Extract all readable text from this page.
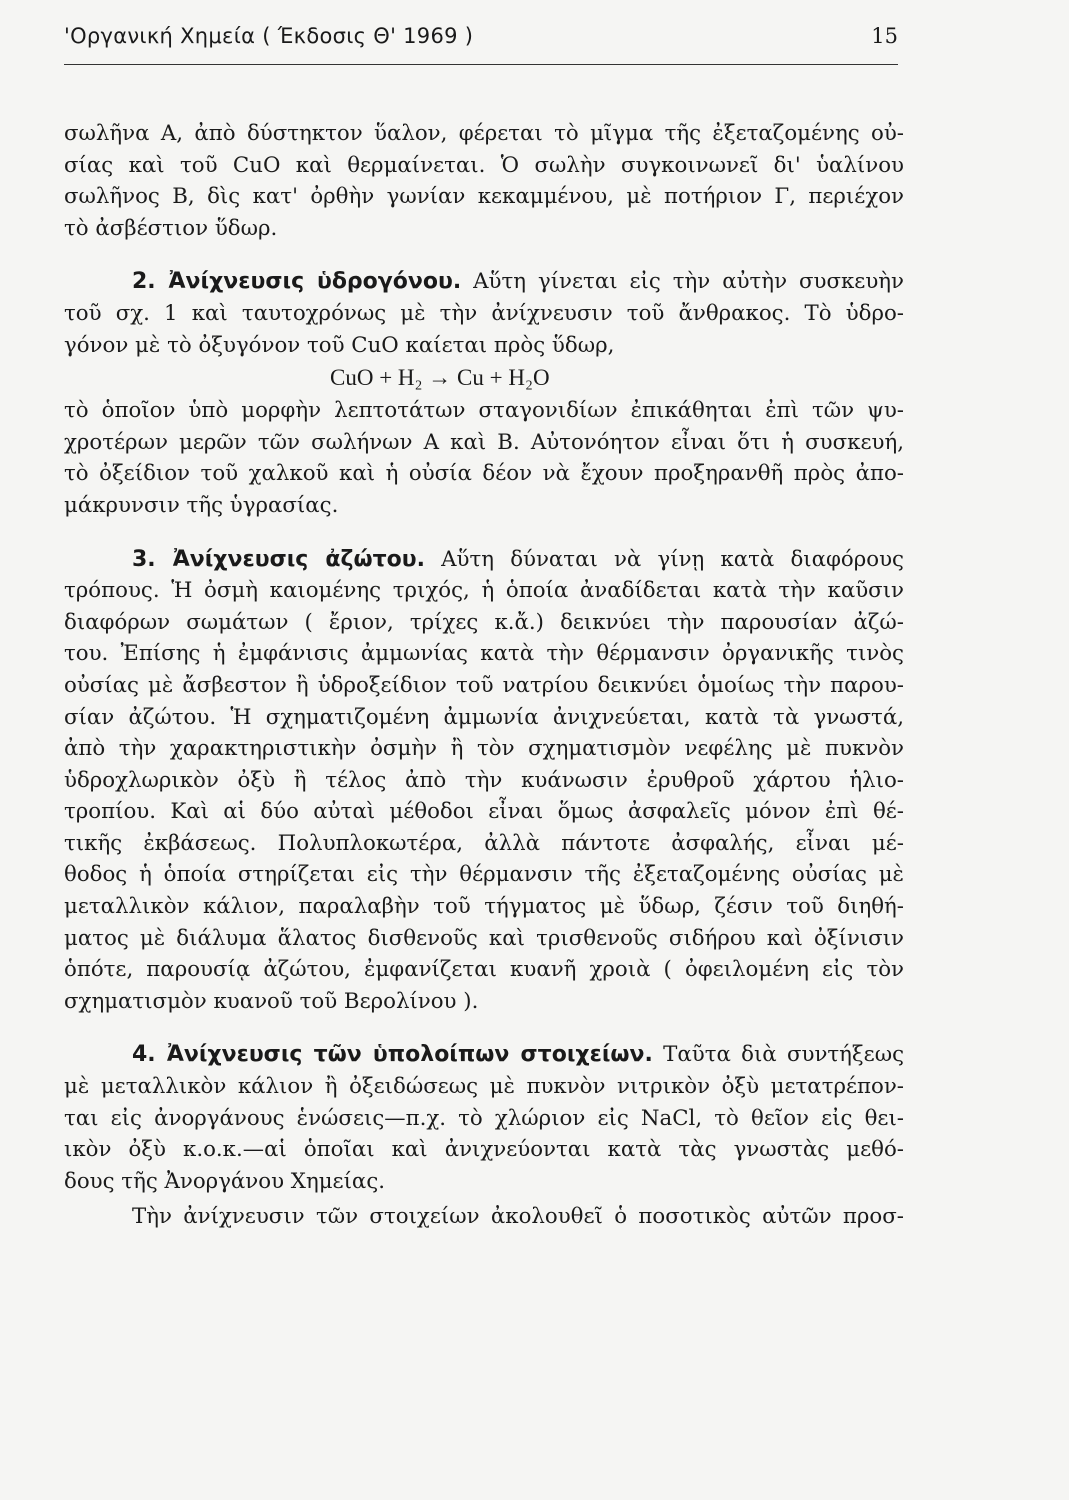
'Οργανική Χημεία ( Έκδοσις Θ' 1969 )	15
σωλῆνα Α, ἀπὸ δύστηκτον ὕαλον, φέρεται τὸ μῖγμα τῆς ἐξεταζομένης οὐ-
σίας καὶ τοῦ CuO καὶ θερμαίνεται. Ὁ σωλὴν συγκοινωνεῖ δι' ὑαλίνου
σωλῆνος Β, δὶς κατ' ὀρθὴν γωνίαν κεκαμμένου, μὲ ποτήριον Γ, περιέχον
τὸ ἀσβέστιον ὕδωρ.
2. Ἀνίχνευσις ὑδρογόνου. Αὕτη γίνεται εἰς τὴν αὐτὴν συσκευὴν
τοῦ σχ. 1 καὶ ταυτοχρόνως μὲ τὴν ἀνίχνευσιν τοῦ ἄνθρακος. Τὸ ὑδρο-
γόνον μὲ τὸ ὀξυγόνον τοῦ CuO καίεται πρὸς ὕδωρ,
CuO + H₂ → Cu + H₂O
τὸ ὁποῖον ὑπὸ μορφὴν λεπτοτάτων σταγονιδίων ἐπικάθηται ἐπὶ τῶν ψυ-
χροτέρων μερῶν τῶν σωλήνων Α καὶ Β. Αὐτονόητον εἶναι ὅτι ἡ συσκευή,
τὸ ὀξείδιον τοῦ χαλκοῦ καὶ ἡ οὐσία δέον νὰ ἔχουν προξηρανθῆ πρὸς ἀπο-
μάκρυνσιν τῆς ὑγρασίας.
3. Ἀνίχνευσις ἀζώτου. Αὕτη δύναται νὰ γίνῃ κατὰ διαφόρους
τρόπους. Ἡ ὀσμὴ καιομένης τριχός, ἡ ὁποία ἀναδίδεται κατὰ τὴν καῦσιν
διαφόρων σωμάτων ( ἔριον, τρίχες κ.ἄ.) δεικνύει τὴν παρουσίαν ἀζώ-
του. Ἐπίσης ἡ ἐμφάνισις ἀμμωνίας κατὰ τὴν θέρμανσιν ὀργανικῆς τινὸς
οὐσίας μὲ ἄσβεστον ἢ ὑδροξείδιον τοῦ νατρίου δεικνύει ὁμοίως τὴν παρου-
σίαν ἀζώτου. Ἡ σχηματιζομένη ἀμμωνία ἀνιχνεύεται, κατὰ τὰ γνωστά,
ἀπὸ τὴν χαρακτηριστικὴν ὀσμὴν ἢ τὸν σχηματισμὸν νεφέλης μὲ πυκνὸν
ὑδροχλωρικὸν ὀξὺ ἢ τέλος ἀπὸ τὴν κυάνωσιν ἐρυθροῦ χάρτου ἡλιο-
τροπίου. Καὶ αἱ δύο αὐταὶ μέθοδοι εἶναι ὅμως ἀσφαλεῖς μόνον ἐπὶ θέ-
τικῆς ἐκβάσεως. Πολυπλοκωτέρα, ἀλλὰ πάντοτε ἀσφαλής, εἶναι μέ-
θοδος ἡ ὁποία στηρίζεται εἰς τὴν θέρμανσιν τῆς ἐξεταζομένης οὐσίας μὲ
μεταλλικὸν κάλιον, παραλαβὴν τοῦ τήγματος μὲ ὕδωρ, ζέσιν τοῦ διηθή-
ματος μὲ διάλυμα ἅλατος δισθενοῦς καὶ τρισθενοῦς σιδήρου καὶ ὀξίνισιν
ὁπότε, παρουσίᾳ ἀζώτου, ἐμφανίζεται κυανῆ χροιὰ ( ὀφειλομένη εἰς τὸν
σχηματισμὸν κυανοῦ τοῦ Βερολίνου ).
4. Ἀνίχνευσις τῶν ὑπολοίπων στοιχείων. Ταῦτα διὰ συντήξεως
μὲ μεταλλικὸν κάλιον ἢ ὀξειδώσεως μὲ πυκνὸν νιτρικὸν ὀξὺ μετατρέπον-
ται εἰς ἀνοργάνους ἑνώσεις—π.χ. τὸ χλώριον εἰς NaCl, τὸ θεῖον εἰς θει-
ικὸν ὀξὺ κ.ο.κ.—αἱ ὁποῖαι καὶ ἀνιχνεύονται κατὰ τὰς γνωστὰς μεθό-
δους τῆς Ἀνοργάνου Χημείας.
Τὴν ἀνίχνευσιν τῶν στοιχείων ἀκολουθεῖ ὁ ποσοτικὸς αὐτῶν προσ-
